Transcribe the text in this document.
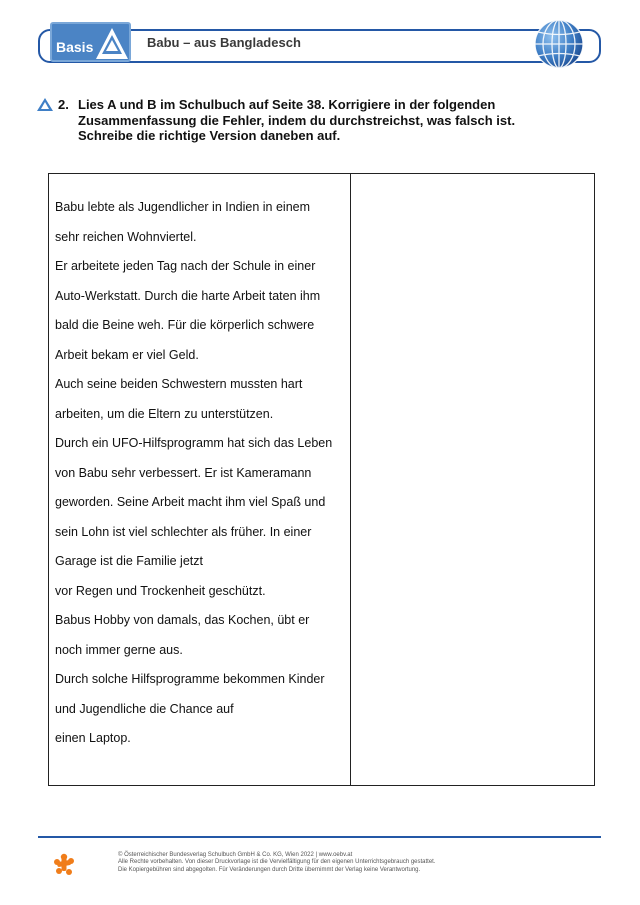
Basis	Babu – aus Bangladesch
2. Lies A und B im Schulbuch auf Seite 38. Korrigiere in der folgenden Zusammenfassung die Fehler, indem du durchstreichst, was falsch ist. Schreibe die richtige Version daneben auf.
Babu lebte als Jugendlicher in Indien in einem
sehr reichen Wohnviertel.
Er arbeitete jeden Tag nach der Schule in einer
Auto-Werkstatt. Durch die harte Arbeit taten ihm
bald die Beine weh. Für die körperlich schwere
Arbeit bekam er viel Geld.
Auch seine beiden Schwestern mussten hart
arbeiten, um die Eltern zu unterstützen.
Durch ein UFO-Hilfsprogramm hat sich das Leben
von Babu sehr verbessert. Er ist Kameramann
geworden. Seine Arbeit macht ihm viel Spaß und
sein Lohn ist viel schlechter als früher. In einer
Garage ist die Familie jetzt
vor Regen und Trockenheit geschützt.
Babus Hobby von damals, das Kochen, übt er
noch immer gerne aus.
Durch solche Hilfsprogramme bekommen Kinder
und Jugendliche die Chance auf
einen Laptop.
© Österreichischer Bundesverlag Schulbuch GmbH & Co. KG, Wien 2022 | www.oebv.at
Alle Rechte vorbehalten. Von dieser Druckvorlage ist die Vervielfältigung für den eigenen Unterrichtsgebrauch gestattet.
Die Kopiergebühren sind abgegolten. Für Veränderungen durch Dritte übernimmt der Verlag keine Verantwortung.
